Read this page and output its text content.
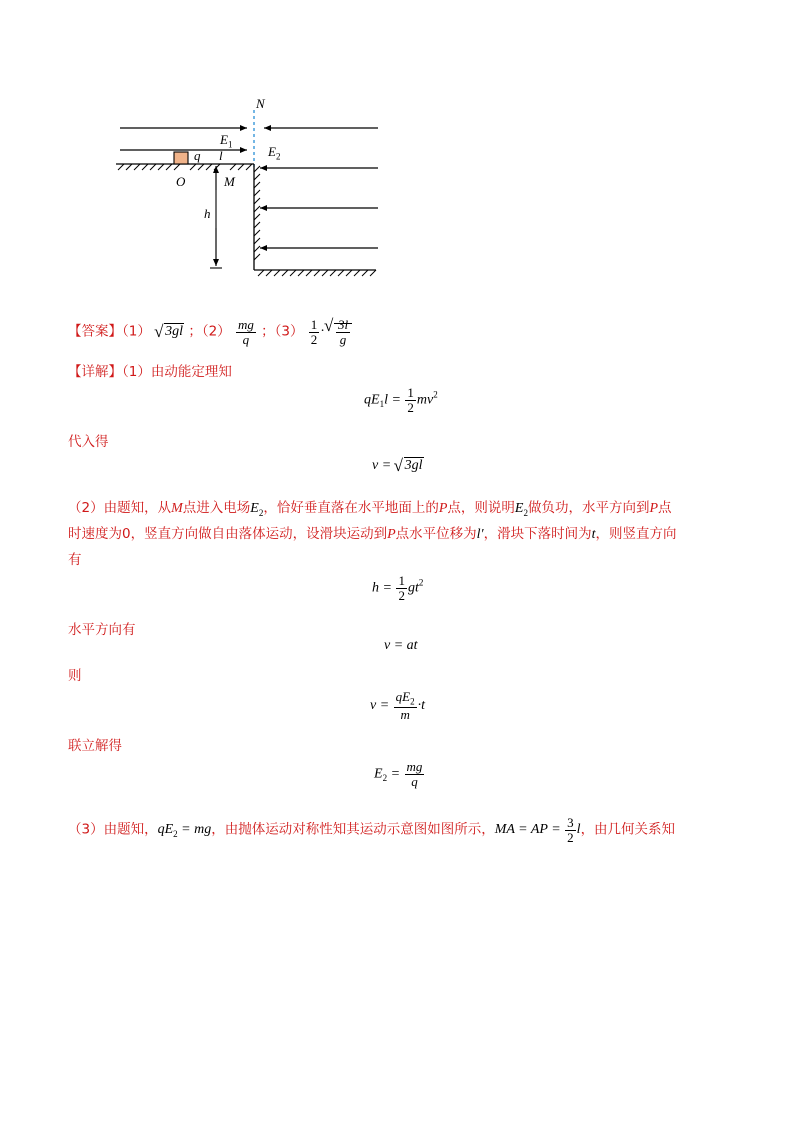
N
$E_1$	$E_2$
q l
O	M
h
【答案】（1） √ 3gl ；$(2) \frac{mg}{q}$ ；$(3) \frac{1}{2}$ · √ $\frac{3l}{g}$
【详解】（1）由动能定理知
$qE_1l = \frac{1}{2} mv^2$
代入得
v = √ 3gl
（2）由题知，从M点进入电场$E_2$，恰好垂直落在水平地面上的P点，则说明$E_2$做负功，水平方向到P点
时速度为0，竖直方向做自由落体运动，设滑块运动到P点水平位移为l′，滑块下落时间为t，则竖直方向
有
$h = \frac{1}{2} gt^2$
水平方向有
v = at
则
$v = \frac{qE_2}{m} \cdot t$
联立解得
$E_2 = \frac{mg}{q}$
（3）由题知，$qE_2$ = mg，由抛体运动对称性知其运动示意图如图所示，MA = AP = $\frac{3}{2}$ l，由几何关系知
